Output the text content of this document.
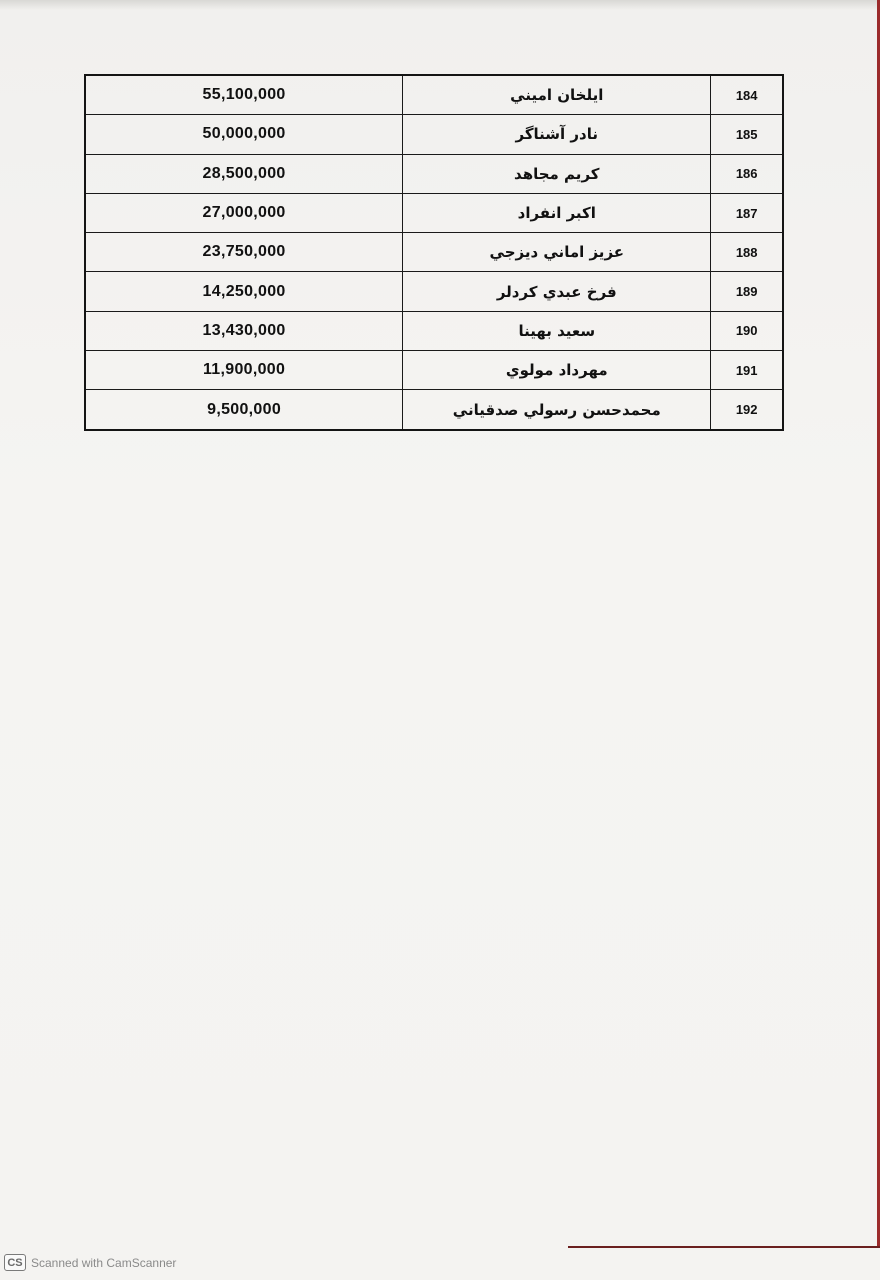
55,100,000	ايلخان اميني	184
50,000,000	نادر آشناگر	185
28,500,000	كريم مجاهد	186
27,000,000	اكبر انفراد	187
23,750,000	عزيز اماني ديزجي	188
14,250,000	فرخ عبدي كردلر	189
13,430,000	سعيد بهينا	190
11,900,000	مهرداد مولوي	191
9,500,000	محمدحسن رسولي صدقياني	192
CS Scanned with CamScanner
